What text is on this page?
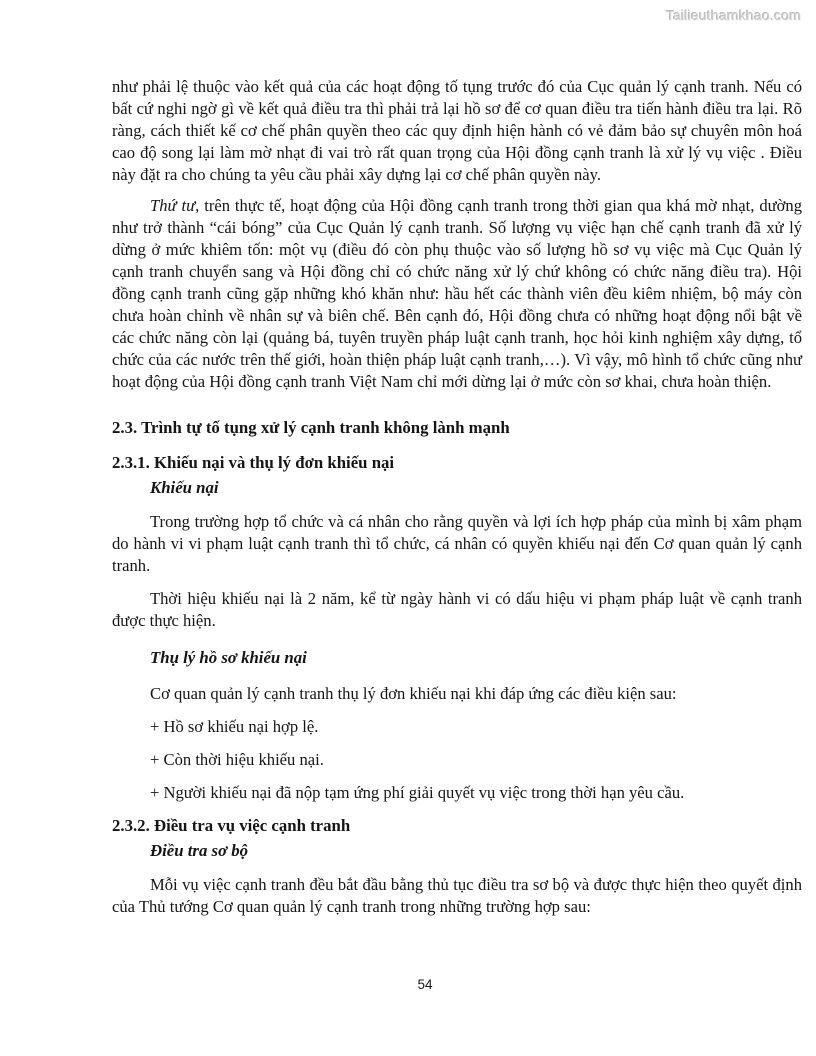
Tailieuthamkhao.com

như phải lệ thuộc vào kết quả của các hoạt động tố tụng trước đó của Cục quản lý cạnh tranh. Nếu có bất cứ nghi ngờ gì về kết quả điều tra thì phải trả lại hồ sơ để cơ quan điều tra tiến hành điều tra lại. Rõ ràng, cách thiết kế cơ chế phân quyền theo các quy định hiện hành có vẻ đảm bảo sự chuyên môn hoá cao độ song lại làm mờ nhạt đi vai trò rất quan trọng của Hội đồng cạnh tranh là xử lý vụ việc . Điều này đặt ra cho chúng ta yêu cầu phải xây dựng lại cơ chế phân quyền này.

Thứ tư, trên thực tế, hoạt động của Hội đồng cạnh tranh trong thời gian qua khá mờ nhạt, dường như trở thành “cái bóng” của Cục Quản lý cạnh tranh. Số lượng vụ việc hạn chế cạnh tranh đã xử lý dừng ở mức khiêm tốn: một vụ (điều đó còn phụ thuộc vào số lượng hồ sơ vụ việc mà Cục Quản lý cạnh tranh chuyển sang và Hội đồng chỉ có chức năng xử lý chứ không có chức năng điều tra). Hội đồng cạnh tranh cũng gặp những khó khăn như: hầu hết các thành viên đều kiêm nhiệm, bộ máy còn chưa hoàn chỉnh về nhân sự và biên chế. Bên cạnh đó, Hội đồng chưa có những hoạt động nổi bật về các chức năng còn lại (quảng bá, tuyên truyền pháp luật cạnh tranh, học hỏi kinh nghiệm xây dựng, tổ chức của các nước trên thế giới, hoàn thiện pháp luật cạnh tranh,…). Vì vậy, mô hình tổ chức cũng như hoạt động của Hội đồng cạnh tranh Việt Nam chỉ mới dừng lại ở mức còn sơ khai, chưa hoàn thiện.

2.3. Trình tự tố tụng xử lý cạnh tranh không lành mạnh
2.3.1. Khiếu nại và thụ lý đơn khiếu nại
Khiếu nại

Trong trường hợp tổ chức và cá nhân cho rằng quyền và lợi ích hợp pháp của mình bị xâm phạm do hành vi vi phạm luật cạnh tranh thì tổ chức, cá nhân có quyền khiếu nại đến Cơ quan quản lý cạnh tranh.

Thời hiệu khiếu nại là 2 năm, kể từ ngày hành vi có dấu hiệu vi phạm pháp luật về cạnh tranh được thực hiện.

Thụ lý hồ sơ khiếu nại

Cơ quan quản lý cạnh tranh thụ lý đơn khiếu nại khi đáp ứng các điều kiện sau:

+ Hồ sơ khiếu nại hợp lệ.

+ Còn thời hiệu khiếu nại.

+ Người khiếu nại đã nộp tạm ứng phí giải quyết vụ việc trong thời hạn yêu cầu.

2.3.2. Điều tra vụ việc cạnh tranh
Điều tra sơ bộ

Mỗi vụ việc cạnh tranh đều bắt đầu bằng thủ tục điều tra sơ bộ và được thực hiện theo quyết định của Thủ tướng Cơ quan quản lý cạnh tranh trong những trường hợp sau:

54
